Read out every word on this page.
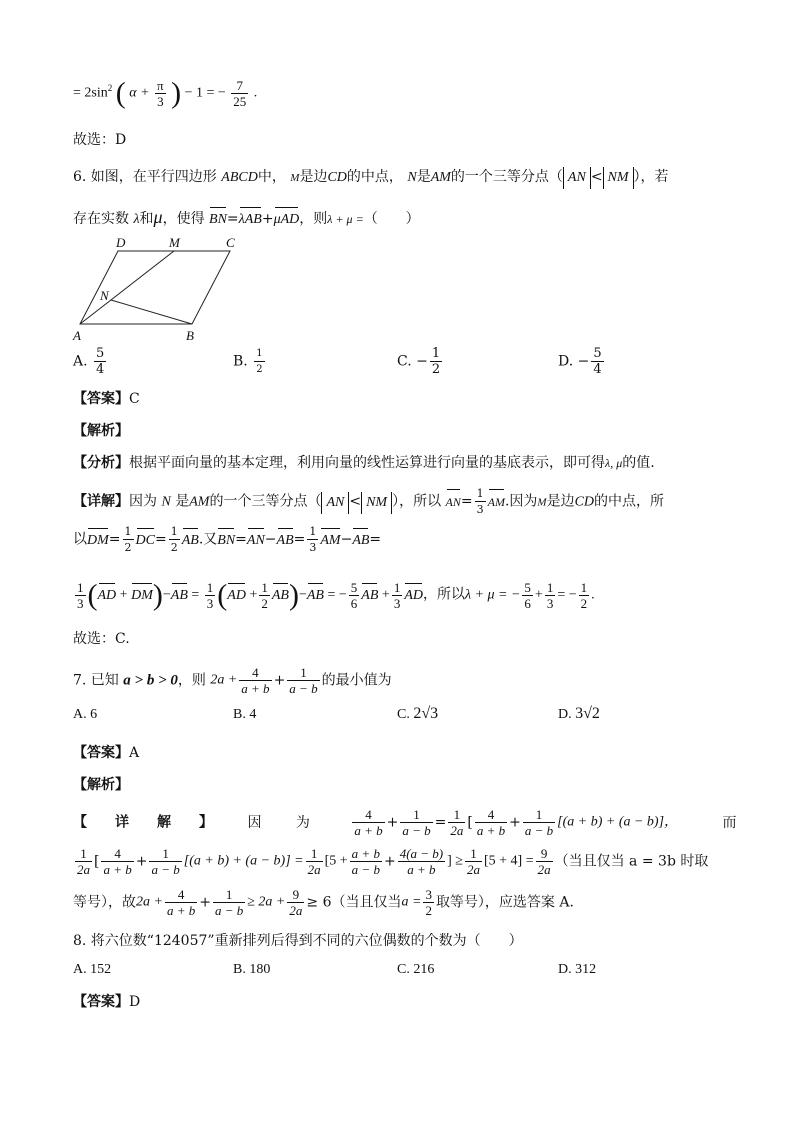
= $2\sin^2$ ( $\alpha + \frac{\pi}{3}$ ) − 1 = − $\frac{7}{25}$ .
故选：D
6. 如图，在平行四边形 ABCD中， M是边CD的中点， N是AM的一个三等分点（ AN < NM ），若
存在实数 λ和μ，使得 BN=λAB+μAD，则λ + μ =（　　）
D	M	C
N
A	B
A. $\frac{5}{4}$	B. $\frac{1}{2}$	C. − $\frac{1}{2}$	D. − $\frac{5}{4}$
【答案】C
【解析】
【分析】根据平面向量的基本定理，利用向量的线性运算进行向量的基底表示，即可得λ, μ的值.
【详解】因为 N 是AM的一个三等分点（ AN < NM ），所以 $AN= \frac{1}{3}$ AM.因为M是边CD的中点，所
以$DM= \frac{1}{2} DC= \frac{1}{2}$ AB.又$BN=AN-AB= \frac{1}{3} AM-AB=$
$\frac{1}{3} (AD + DM)-AB = \frac{1}{3} (AD + \frac{1}{2} AB)-AB$ = − $\frac{5}{6}$ AB + $\frac{1}{3}$ AD，所以λ + μ = − $\frac{5}{6} + \frac{1}{3}$ = − $\frac{1}{2}$ .
故选：C.
7. 已知 a > b > 0，则 $2a + \frac{4}{a + b} + \frac{1}{a - b}$ 的最小值为
A. 6	B. 4	C. 2√3	D. 3√2
【答案】A
【解析】
【　　详　　解　　】 因 为	$\frac{4}{a + b} + \frac{1}{a - b} = \frac{1}{2a}$ [ $\frac{4}{a + b} + \frac{1}{a - b} [(a + b) + (a - b)]$，	而
$\frac{1}{2a}$ [ $\frac{4}{a + b} + \frac{1}{a - b} [(a + b) + (a - b)] = \frac{1}{2a} [5 + \frac{a + b}{a - b} + \frac{4(a - b)}{a + b}$ ] ≥ $\frac{1}{2a} [5 + 4] = \frac{9}{2a}$ （当且仅当 a = 3b 时取
等号），故$2a + \frac{4}{a + b} + \frac{1}{a - b} \ge 2a + \frac{9}{2a} \ge 6$（当且仅当$a = \frac{3}{2}$ 取等号），应选答案 A.
8. 将六位数“124057”重新排列后得到不同的六位偶数的个数为（　　）
A. 152	B. 180	C. 216	D. 312
【答案】D
